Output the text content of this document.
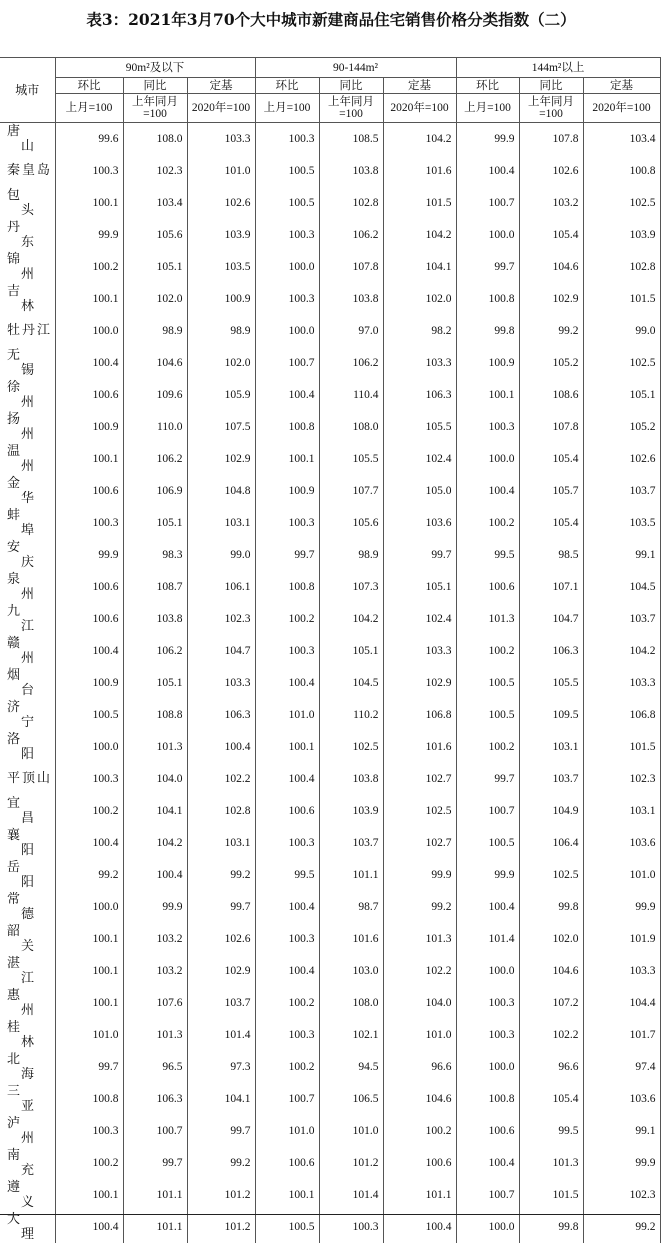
表3：2021年3月70个大中城市新建商品住宅销售价格分类指数（二）
城市	90m²及以下			90-144m²			144m²以上		
	环比	同比	定基	环比	同比	定基	环比	同比	定基
	上月=100	上年同月=100	2020年=100	上月=100	上年同月=100	2020年=100	上月=100	上年同月=100	2020年=100

唐
山	99.6	108.0	103.3	100.3	108.5	104.2	99.9	107.8	103.4

秦皇岛	100.3	102.3	101.0	100.5	103.8	101.6	100.4	102.6	100.8

包
头	100.1	103.4	102.6	100.5	102.8	101.5	100.7	103.2	102.5

丹
东	99.9	105.6	103.9	100.3	106.2	104.2	100.0	105.4	103.9

锦
州	100.2	105.1	103.5	100.0	107.8	104.1	99.7	104.6	102.8

吉
林	100.1	102.0	100.9	100.3	103.8	102.0	100.8	102.9	101.5

牡丹江	100.0	98.9	98.9	100.0	97.0	98.2	99.8	99.2	99.0

无
锡	100.4	104.6	102.0	100.7	106.2	103.3	100.9	105.2	102.5

徐
州	100.6	109.6	105.9	100.4	110.4	106.3	100.1	108.6	105.1

扬
州	100.9	110.0	107.5	100.8	108.0	105.5	100.3	107.8	105.2

温
州	100.1	106.2	102.9	100.1	105.5	102.4	100.0	105.4	102.6

金
华	100.6	106.9	104.8	100.9	107.7	105.0	100.4	105.7	103.7

蚌
埠	100.3	105.1	103.1	100.3	105.6	103.6	100.2	105.4	103.5

安
庆	99.9	98.3	99.0	99.7	98.9	99.7	99.5	98.5	99.1

泉
州	100.6	108.7	106.1	100.8	107.3	105.1	100.6	107.1	104.5

九
江	100.6	103.8	102.3	100.2	104.2	102.4	101.3	104.7	103.7

赣
州	100.4	106.2	104.7	100.3	105.1	103.3	100.2	106.3	104.2

烟
台	100.9	105.1	103.3	100.4	104.5	102.9	100.5	105.5	103.3

济
宁	100.5	108.8	106.3	101.0	110.2	106.8	100.5	109.5	106.8

洛
阳	100.0	101.3	100.4	100.1	102.5	101.6	100.2	103.1	101.5

平顶山	100.3	104.0	102.2	100.4	103.8	102.7	99.7	103.7	102.3

宜
昌	100.2	104.1	102.8	100.6	103.9	102.5	100.7	104.9	103.1

襄
阳	100.4	104.2	103.1	100.3	103.7	102.7	100.5	106.4	103.6

岳
阳	99.2	100.4	99.2	99.5	101.1	99.9	99.9	102.5	101.0

常
德	100.0	99.9	99.7	100.4	98.7	99.2	100.4	99.8	99.9

韶
关	100.1	103.2	102.6	100.3	101.6	101.3	101.4	102.0	101.9

湛
江	100.1	103.2	102.9	100.4	103.0	102.2	100.0	104.6	103.3

惠
州	100.1	107.6	103.7	100.2	108.0	104.0	100.3	107.2	104.4

桂
林	101.0	101.3	101.4	100.3	102.1	101.0	100.3	102.2	101.7

北
海	99.7	96.5	97.3	100.2	94.5	96.6	100.0	96.6	97.4

三
亚	100.8	106.3	104.1	100.7	106.5	104.6	100.8	105.4	103.6

泸
州	100.3	100.7	99.7	101.0	101.0	100.2	100.6	99.5	99.1

南
充	100.2	99.7	99.2	100.6	101.2	100.6	100.4	101.3	99.9

遵
义	100.1	101.1	101.2	100.1	101.4	101.1	100.7	101.5	102.3

大
理	100.4	101.1	101.2	100.5	100.3	100.4	100.0	99.8	99.2
